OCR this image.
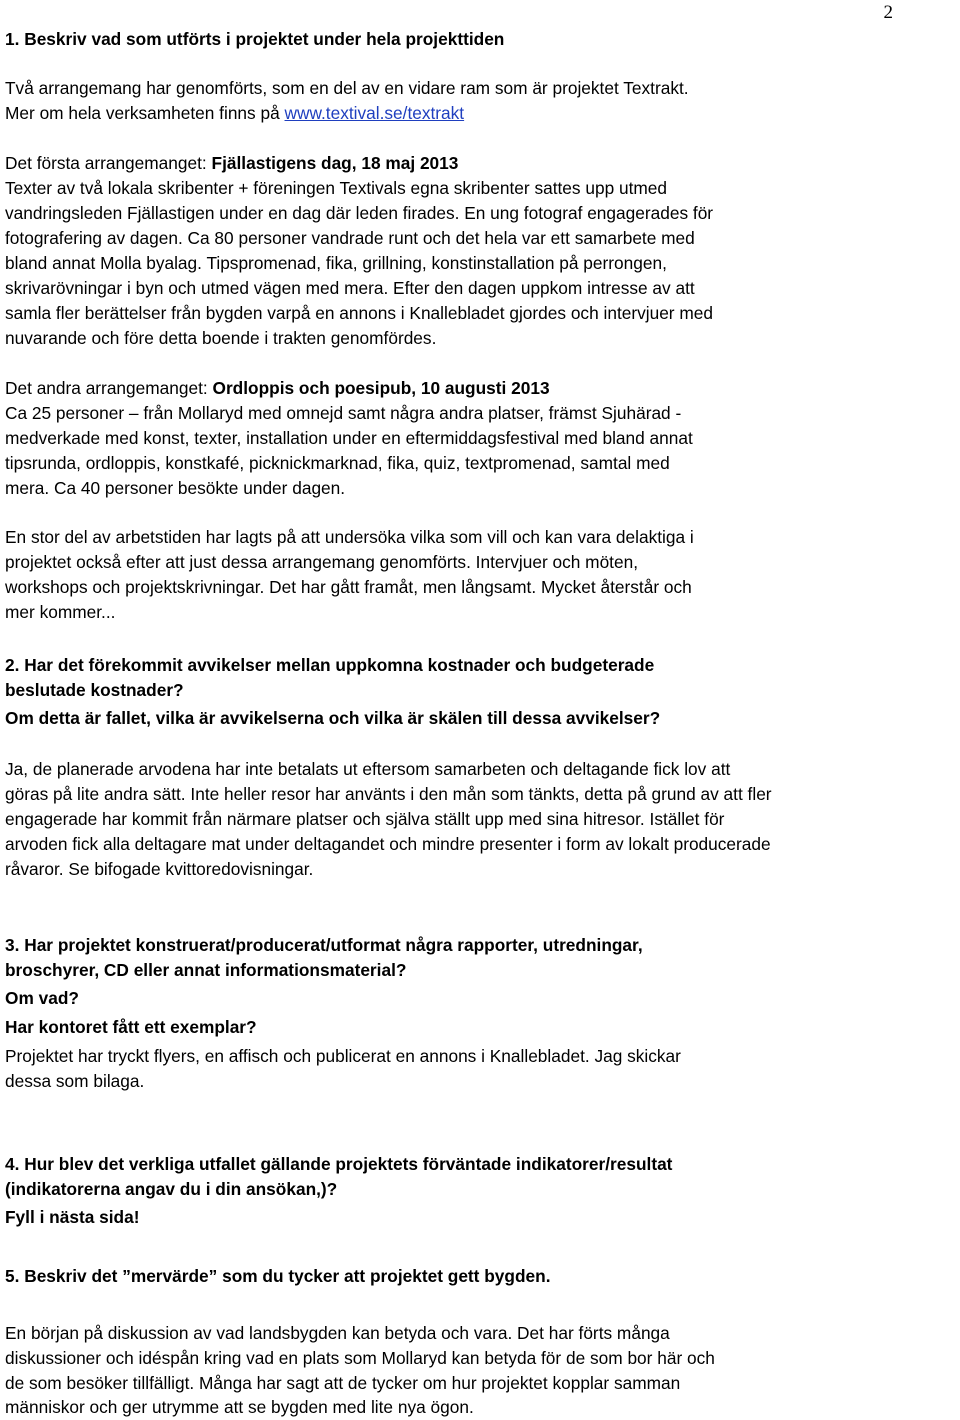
2

1. Beskriv vad som utförts i projektet under hela projekttiden

Två arrangemang har genomförts, som en del av en vidare ram som är projektet Textrakt.

Mer om hela verksamheten finns på www.textival.se/textrakt

Det första arrangemanget: Fjällastigens dag, 18 maj 2013

Texter av två lokala skribenter + föreningen Textivals egna skribenter sattes upp utmed

vandringsleden Fjällastigen under en dag där leden firades. En ung fotograf engagerades för

fotografering av dagen. Ca 80 personer vandrade runt och det hela var ett samarbete med

bland annat Molla byalag. Tipspromenad, fika, grillning, konstinstallation på perrongen,

skrivarövningar i byn och utmed vägen med mera. Efter den dagen uppkom intresse av att

samla fler berättelser från bygden varpå en annons i Knallebladet gjordes och intervjuer med

nuvarande och före detta boende i trakten genomfördes.

Det andra arrangemanget: Ordloppis och poesipub, 10 augusti 2013

Ca 25 personer – från Mollaryd med omnejd samt några andra platser, främst Sjuhärad -

medverkade med konst, texter, installation under en eftermiddagsfestival med bland annat

tipsrunda, ordloppis, konstkafé, picknickmarknad, fika, quiz, textpromenad, samtal med

mera. Ca 40 personer besökte under dagen.

En stor del av arbetstiden har lagts på att undersöka vilka som vill och kan vara delaktiga i

projektet också efter att just dessa arrangemang genomförts. Intervjuer och möten,

workshops och projektskrivningar. Det har gått framåt, men långsamt. Mycket återstår och

mer kommer...

2. Har det förekommit avvikelser mellan uppkomna kostnader och budgeterade

beslutade kostnader?

Om detta är fallet, vilka är avvikelserna och vilka är skälen till dessa avvikelser?

Ja, de planerade arvodena har inte betalats ut eftersom samarbeten och deltagande fick lov att

göras på lite andra sätt. Inte heller resor har använts i den mån som tänkts, detta på grund av att fler

engagerade har kommit från närmare platser och själva ställt upp med sina hitresor. Istället för

arvoden fick alla deltagare mat under deltagandet och mindre presenter i form av lokalt producerade

råvaror. Se bifogade kvittoredovisningar.

3. Har projektet konstruerat/producerat/utformat några rapporter, utredningar,

broschyrer, CD eller annat informationsmaterial?

Om vad?

Har kontoret fått ett exemplar?

Projektet har tryckt flyers, en affisch och publicerat en annons i Knallebladet. Jag skickar

dessa som bilaga.

4. Hur blev det verkliga utfallet gällande projektets förväntade indikatorer/resultat

(indikatorerna angav du i din ansökan,)?

Fyll i nästa sida!

5. Beskriv det ”mervärde” som du tycker att projektet gett bygden.

En början på diskussion av vad landsbygden kan betyda och vara. Det har förts många

diskussioner och idéspån kring vad en plats som Mollaryd kan betyda för de som bor här och

de som besöker tillfälligt. Många har sagt att de tycker om hur projektet kopplar samman

människor och ger utrymme att se bygden med lite nya ögon.
